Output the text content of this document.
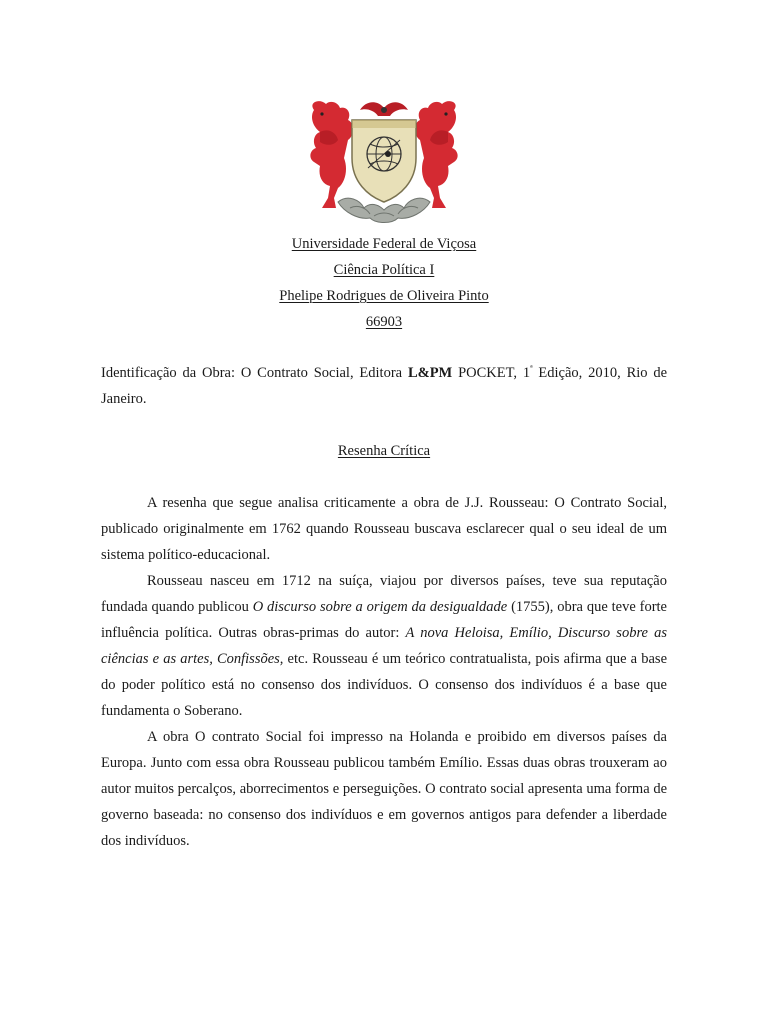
Universidade Federal de Viçosa
Ciência Política I
Phelipe Rodrigues de Oliveira Pinto
66903
Identificação da Obra: O Contrato Social, Editora L&PM POCKET, $1^ª$ Edição, 2010, Rio de
Janeiro.
Resenha Crítica

A resenha que segue analisa criticamente a obra de J.J. Rousseau: O Contrato Social, publicado originalmente em 1762 quando Rousseau buscava esclarecer qual o seu ideal de um sistema político-educacional.

Rousseau nasceu em 1712 na suíça, viajou por diversos países, teve sua reputação fundada quando publicou O discurso sobre a origem da desigualdade (1755), obra que teve forte influência política. Outras obras-primas do autor: A nova Heloisa, Emílio, Discurso sobre as ciências e as artes, Confissões, etc. Rousseau é um teórico contratualista, pois afirma que a base do poder político está no consenso dos indivíduos. O consenso dos indivíduos é a base que fundamenta o Soberano.

A obra O contrato Social foi impresso na Holanda e proibido em diversos países da Europa. Junto com essa obra Rousseau publicou também Emílio. Essas duas obras trouxeram ao autor muitos percalços, aborrecimentos e perseguições. O contrato social apresenta uma forma de governo baseada: no consenso dos indivíduos e em governos antigos para defender a liberdade dos indivíduos.
